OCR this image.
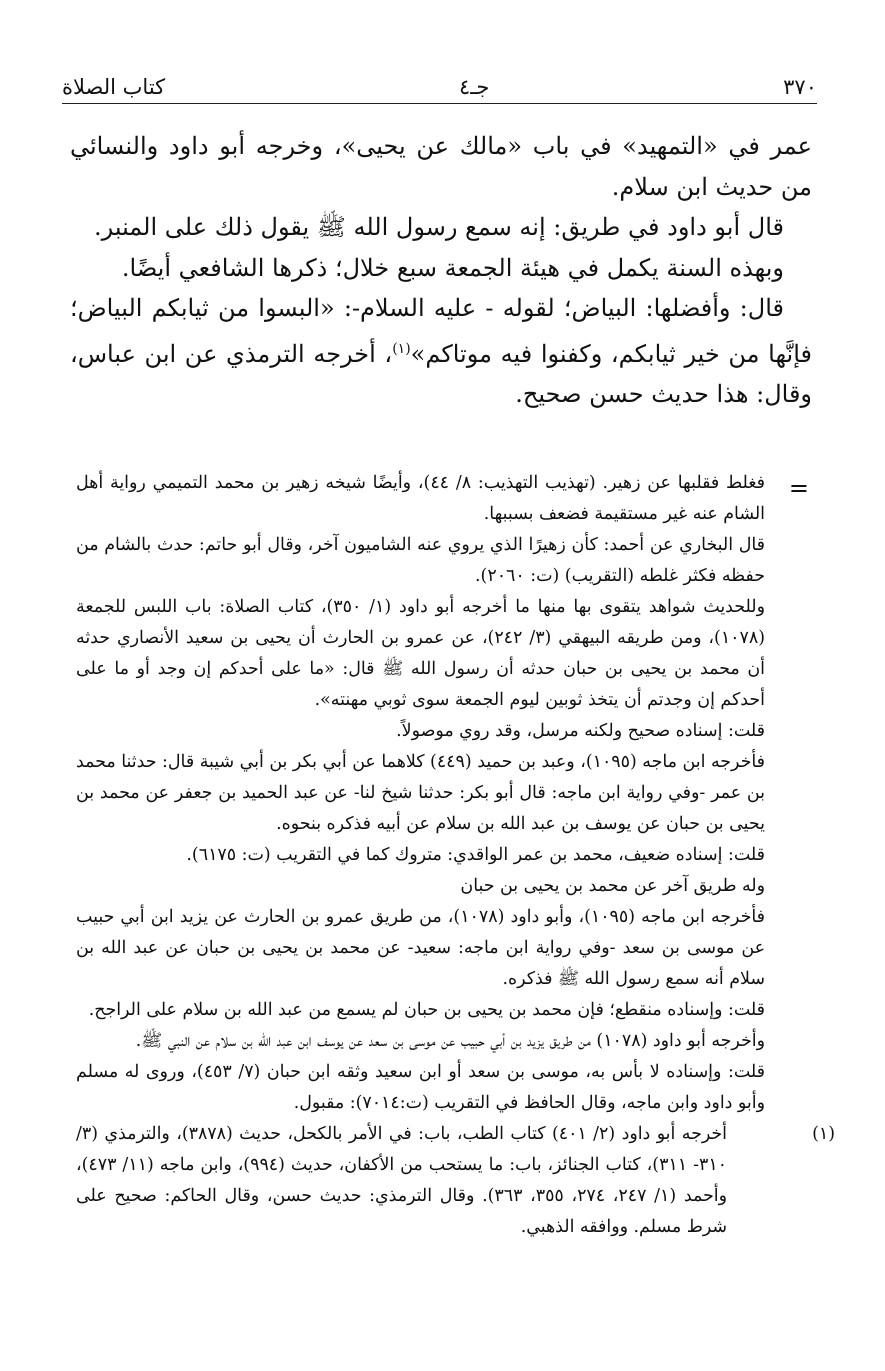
٣٧٠
جـ٤
كتاب الصلاة

عمر في «التمهيد» في باب «مالك عن يحيى»، وخرجه أبو داود والنسائي من حديث ابن سلام.

قال أبو داود في طريق: إنه سمع رسول الله ﷺ يقول ذلك على المنبر.

وبهذه السنة يكمل في هيئة الجمعة سبع خلال؛ ذكرها الشافعي أيضًا.

قال: وأفضلها: البياض؛ لقوله - عليه السلام-: «البسوا من ثيابكم البياض؛ فإنَّها من خير ثيابكم، وكفنوا فيه موتاكم»$^{(١)}$، أخرجه الترمذي عن ابن عباس، وقال: هذا حديث حسن صحيح.

=

فغلط فقلبها عن زهير. (تهذيب التهذيب: ٨/ ٤٤)، وأيضًا شيخه زهير بن محمد التميمي رواية أهل الشام عنه غير مستقيمة فضعف بسببها.

قال البخاري عن أحمد: كأن زهيرًا الذي يروي عنه الشاميون آخر، وقال أبو حاتم: حدث بالشام من حفظه فكثر غلطه (التقريب) (ت: ٢٠٦٠).

وللحديث شواهد يتقوى بها منها ما أخرجه أبو داود (١/ ٣٥٠)، كتاب الصلاة: باب اللبس للجمعة (١٠٧٨)، ومن طريقه البيهقي (٣/ ٢٤٢)، عن عمرو بن الحارث أن يحيى بن سعيد الأنصاري حدثه أن محمد بن يحيى بن حبان حدثه أن رسول الله ﷺ قال: «ما على أحدكم إن وجد أو ما على أحدكم إن وجدتم أن يتخذ ثوبين ليوم الجمعة سوى ثوبي مهنته».

قلت: إسناده صحيح ولكنه مرسل، وقد روي موصولاً.

فأخرجه ابن ماجه (١٠٩٥)، وعبد بن حميد (٤٤٩) كلاهما عن أبي بكر بن أبي شيبة قال: حدثنا محمد بن عمر -وفي رواية ابن ماجه: قال أبو بكر: حدثنا شيخ لنا- عن عبد الحميد بن جعفر عن محمد بن يحيى بن حبان عن يوسف بن عبد الله بن سلام عن أبيه فذكره بنحوه.

قلت: إسناده ضعيف، محمد بن عمر الواقدي: متروك كما في التقريب (ت: ٦١٧٥).

وله طريق آخر عن محمد بن يحيى بن حبان

فأخرجه ابن ماجه (١٠٩٥)، وأبو داود (١٠٧٨)، من طريق عمرو بن الحارث عن يزيد ابن أبي حبيب عن موسى بن سعد -وفي رواية ابن ماجه: سعيد- عن محمد بن يحيى بن حبان عن عبد الله بن سلام أنه سمع رسول الله ﷺ فذكره.

قلت: وإسناده منقطع؛ فإن محمد بن يحيى بن حبان لم يسمع من عبد الله بن سلام على الراجح.

وأخرجه أبو داود (١٠٧٨) من طريق يزيد بن أبي حبيب عن موسى بن سعد عن يوسف ابن عبد الله بن سلام عن النبي ﷺ.

قلت: وإسناده لا بأس به، موسى بن سعد أو ابن سعيد وثقه ابن حبان (٧/ ٤٥٣)، وروى له مسلم وأبو داود وابن ماجه، وقال الحافظ في التقريب (ت:٧٠١٤): مقبول.

أخرجه أبو داود (٢/ ٤٠١) كتاب الطب، باب: في الأمر بالكحل، حديث (٣٨٧٨)، والترمذي (٣/ ٣١٠- ٣١١)، كتاب الجنائز، باب: ما يستحب من الأكفان، حديث (٩٩٤)، وابن ماجه (١١/ ٤٧٣)، وأحمد (١/ ٢٤٧، ٢٧٤، ٣٥٥، ٣٦٣). وقال الترمذي: حديث حسن، وقال الحاكم: صحيح على شرط مسلم. ووافقه الذهبي.

(١)
